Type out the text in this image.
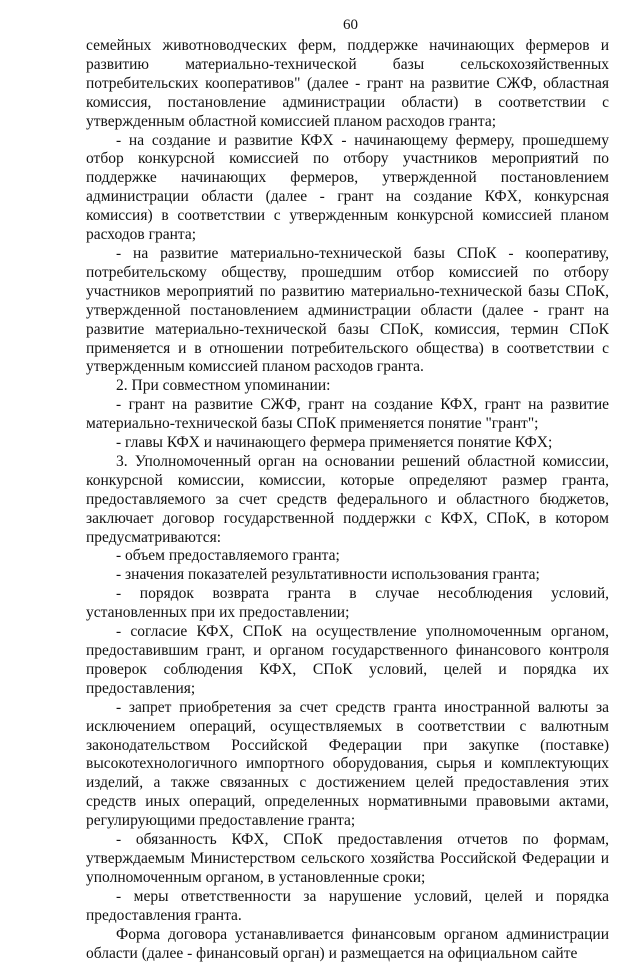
60

семейных животноводческих ферм, поддержке начинающих фермеров и развитию материально-технической базы сельскохозяйственных потребительских кооперативов" (далее - грант на развитие СЖФ, областная комиссия, постановление администрации области) в соответствии с утвержденным областной комиссией планом расходов гранта;

- на создание и развитие КФХ - начинающему фермеру, прошедшему отбор конкурсной комиссией по отбору участников мероприятий по поддержке начинающих фермеров, утвержденной постановлением администрации области (далее - грант на создание КФХ, конкурсная комиссия) в соответствии с утвержденным конкурсной комиссией планом расходов гранта;

- на развитие материально-технической базы СПоК - кооперативу, потребительскому обществу, прошедшим отбор комиссией по отбору участников мероприятий по развитию материально-технической базы СПоК, утвержденной постановлением администрации области (далее - грант на развитие материально-технической базы СПоК, комиссия, термин СПоК применяется и в отношении потребительского общества) в соответствии с утвержденным комиссией планом расходов гранта.

2. При совместном упоминании:

- грант на развитие СЖФ, грант на создание КФХ, грант на развитие материально-технической базы СПоК применяется понятие "грант";

- главы КФХ и начинающего фермера применяется понятие КФХ;

3. Уполномоченный орган на основании решений областной комиссии, конкурсной комиссии, комиссии, которые определяют размер гранта, предоставляемого за счет средств федерального и областного бюджетов, заключает договор государственной поддержки с КФХ, СПоК, в котором предусматриваются:

- объем предоставляемого гранта;

- значения показателей результативности использования гранта;

- порядок возврата гранта в случае несоблюдения условий, установленных при их предоставлении;

- согласие КФХ, СПоК на осуществление уполномоченным органом, предоставившим грант, и органом государственного финансового контроля проверок соблюдения КФХ, СПоК условий, целей и порядка их предоставления;

- запрет приобретения за счет средств гранта иностранной валюты за исключением операций, осуществляемых в соответствии с валютным законодательством Российской Федерации при закупке (поставке) высокотехнологичного импортного оборудования, сырья и комплектующих изделий, а также связанных с достижением целей предоставления этих средств иных операций, определенных нормативными правовыми актами, регулирующими предоставление гранта;

- обязанность КФХ, СПоК предоставления отчетов по формам, утверждаемым Министерством сельского хозяйства Российской Федерации и уполномоченным органом, в установленные сроки;

- меры ответственности за нарушение условий, целей и порядка предоставления гранта.

Форма договора устанавливается финансовым органом администрации области (далее - финансовый орган) и размещается на официальном сайте
